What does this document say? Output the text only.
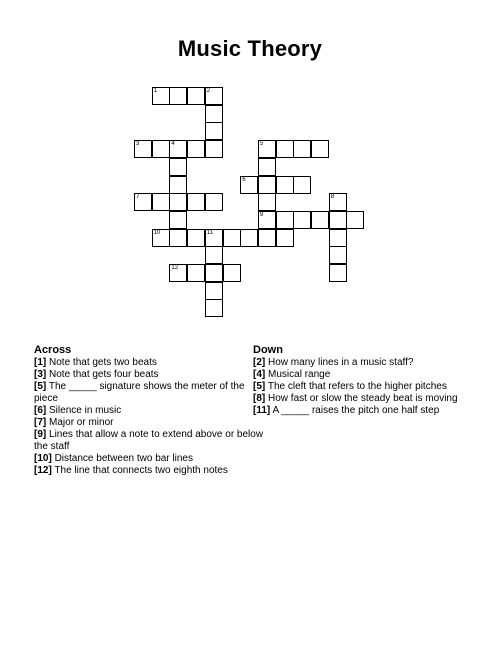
Music Theory
1	2
3	4	5
9
6
7	8
10	11
12
Across
[1] Note that gets two beats
[3] Note that gets four beats
[5] The _____ signature shows the meter of the piece
[6] Silence in music
[7] Major or minor
[9] Lines that allow a note to extend above or below the staff
[10] Distance between two bar lines
[12] The line that connects two eighth notes
Down
[2] How many lines in a music staff?
[4] Musical range
[5] The cleft that refers to the higher pitches
[8] How fast or slow the steady beat is moving
[11] A _____ raises the pitch one half step
